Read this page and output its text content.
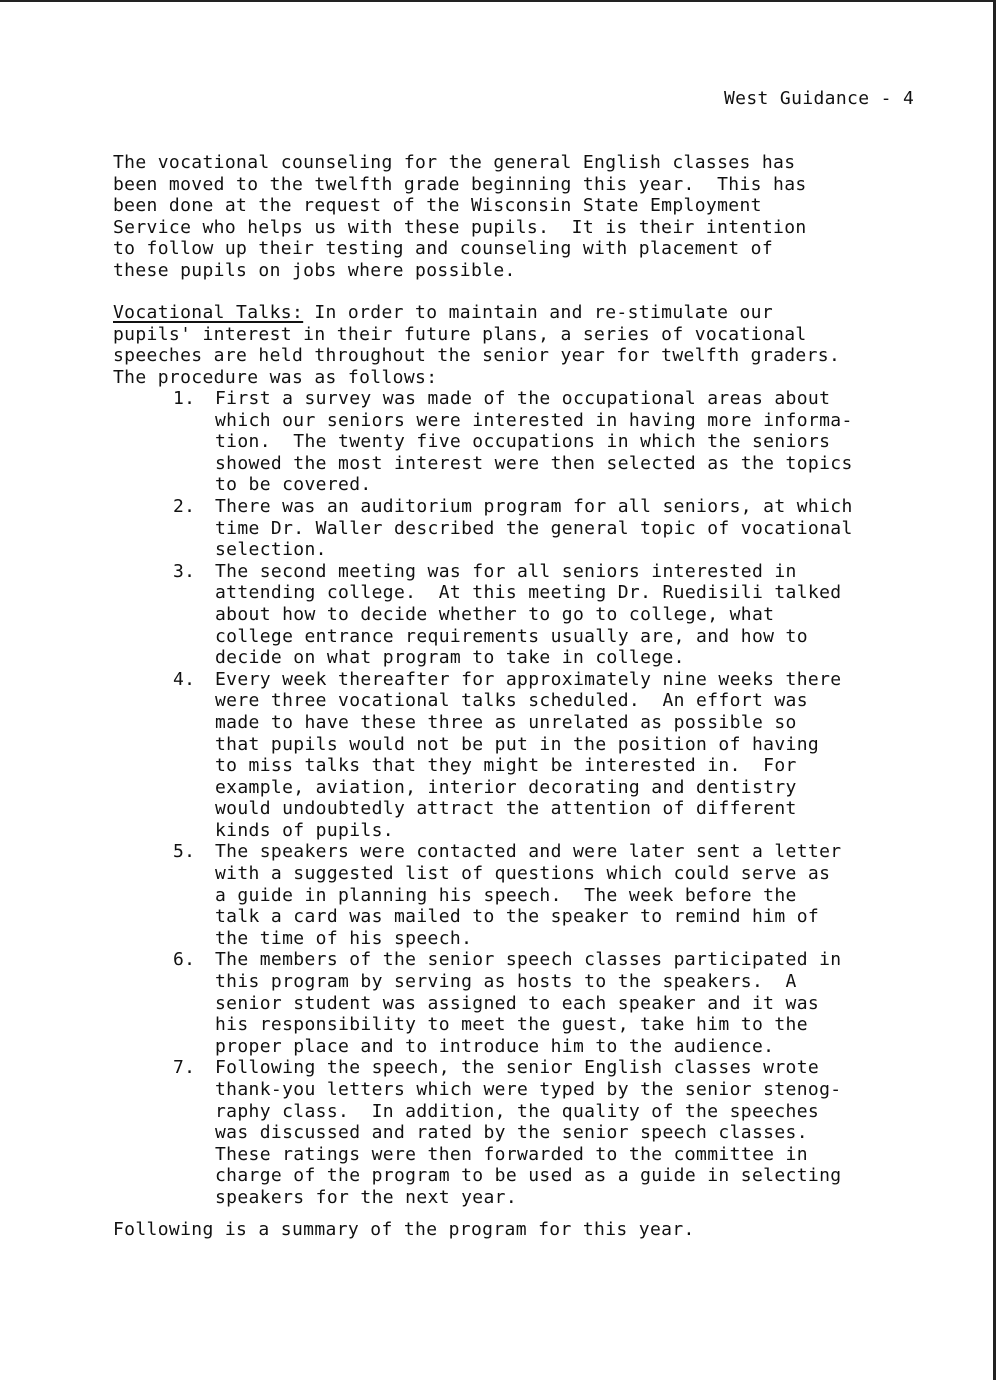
West Guidance - 4
The vocational counseling for the general English classes has
been moved to the twelfth grade beginning this year.  This has
been done at the request of the Wisconsin State Employment
Service who helps us with these pupils.  It is their intention
to follow up their testing and counseling with placement of
these pupils on jobs where possible.
Vocational Talks: In order to maintain and re-stimulate our
pupils' interest in their future plans, a series of vocational
speeches are held throughout the senior year for twelfth graders.
The procedure was as follows:
1.	First a survey was made of the occupational areas about
which our seniors were interested in having more informa-
tion.  The twenty five occupations in which the seniors
showed the most interest were then selected as the topics
to be covered.
2.	There was an auditorium program for all seniors, at which
time Dr. Waller described the general topic of vocational
selection.
3.	The second meeting was for all seniors interested in
attending college.  At this meeting Dr. Ruedisili talked
about how to decide whether to go to college, what
college entrance requirements usually are, and how to
decide on what program to take in college.
4.	Every week thereafter for approximately nine weeks there
were three vocational talks scheduled.  An effort was
made to have these three as unrelated as possible so
that pupils would not be put in the position of having
to miss talks that they might be interested in.  For
example, aviation, interior decorating and dentistry
would undoubtedly attract the attention of different
kinds of pupils.
5.	The speakers were contacted and were later sent a letter
with a suggested list of questions which could serve as
a guide in planning his speech.  The week before the
talk a card was mailed to the speaker to remind him of
the time of his speech.
6.	The members of the senior speech classes participated in
this program by serving as hosts to the speakers.  A
senior student was assigned to each speaker and it was
his responsibility to meet the guest, take him to the
proper place and to introduce him to the audience.
7.	Following the speech, the senior English classes wrote
thank-you letters which were typed by the senior stenog-
raphy class.  In addition, the quality of the speeches
was discussed and rated by the senior speech classes.
These ratings were then forwarded to the committee in
charge of the program to be used as a guide in selecting
speakers for the next year.
Following is a summary of the program for this year.
